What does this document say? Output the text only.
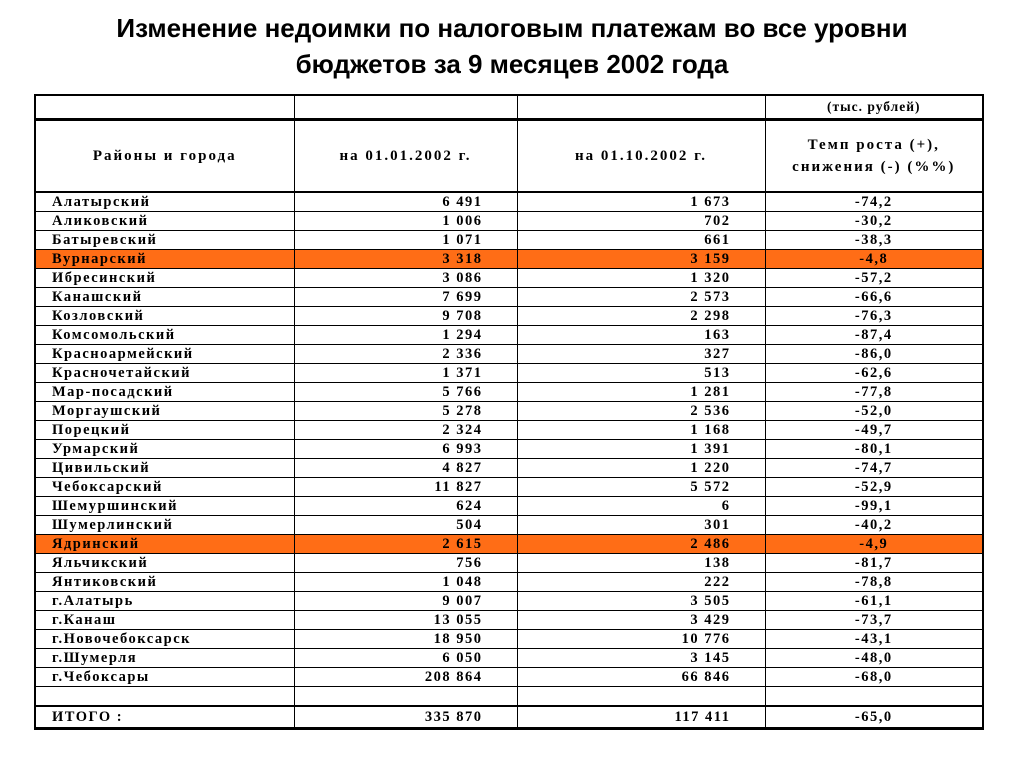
Изменение недоимки по налоговым платежам во все уровни
бюджетов за 9 месяцев 2002 года
			(тыс. рублей)
Районы и города	на 01.01.2002 г.	на 01.10.2002 г.	Темп роста (+), снижения (-) (%%)
Алатырский	6 491	1 673	-74,2
Аликовский	1 006	702	-30,2
Батыревский	1 071	661	-38,3
Вурнарский	3 318	3 159	-4,8
Ибресинский	3 086	1 320	-57,2
Канашский	7 699	2 573	-66,6
Козловский	9 708	2 298	-76,3
Комсомольский	1 294	163	-87,4
Красноармейский	2 336	327	-86,0
Красночетайский	1 371	513	-62,6
Мар-посадский	5 766	1 281	-77,8
Моргаушский	5 278	2 536	-52,0
Порецкий	2 324	1 168	-49,7
Урмарский	6 993	1 391	-80,1
Цивильский	4 827	1 220	-74,7
Чебоксарский	11 827	5 572	-52,9
Шемуршинский	624	6	-99,1
Шумерлинский	504	301	-40,2
Ядринский	2 615	2 486	-4,9
Яльчикский	756	138	-81,7
Янтиковский	1 048	222	-78,8
г.Алатырь	9 007	3 505	-61,1
г.Канаш	13 055	3 429	-73,7
г.Новочебоксарск	18 950	10 776	-43,1
г.Шумерля	6 050	3 145	-48,0
г.Чебоксары	208 864	66 846	-68,0

ИТОГО :	335 870	117 411	-65,0
